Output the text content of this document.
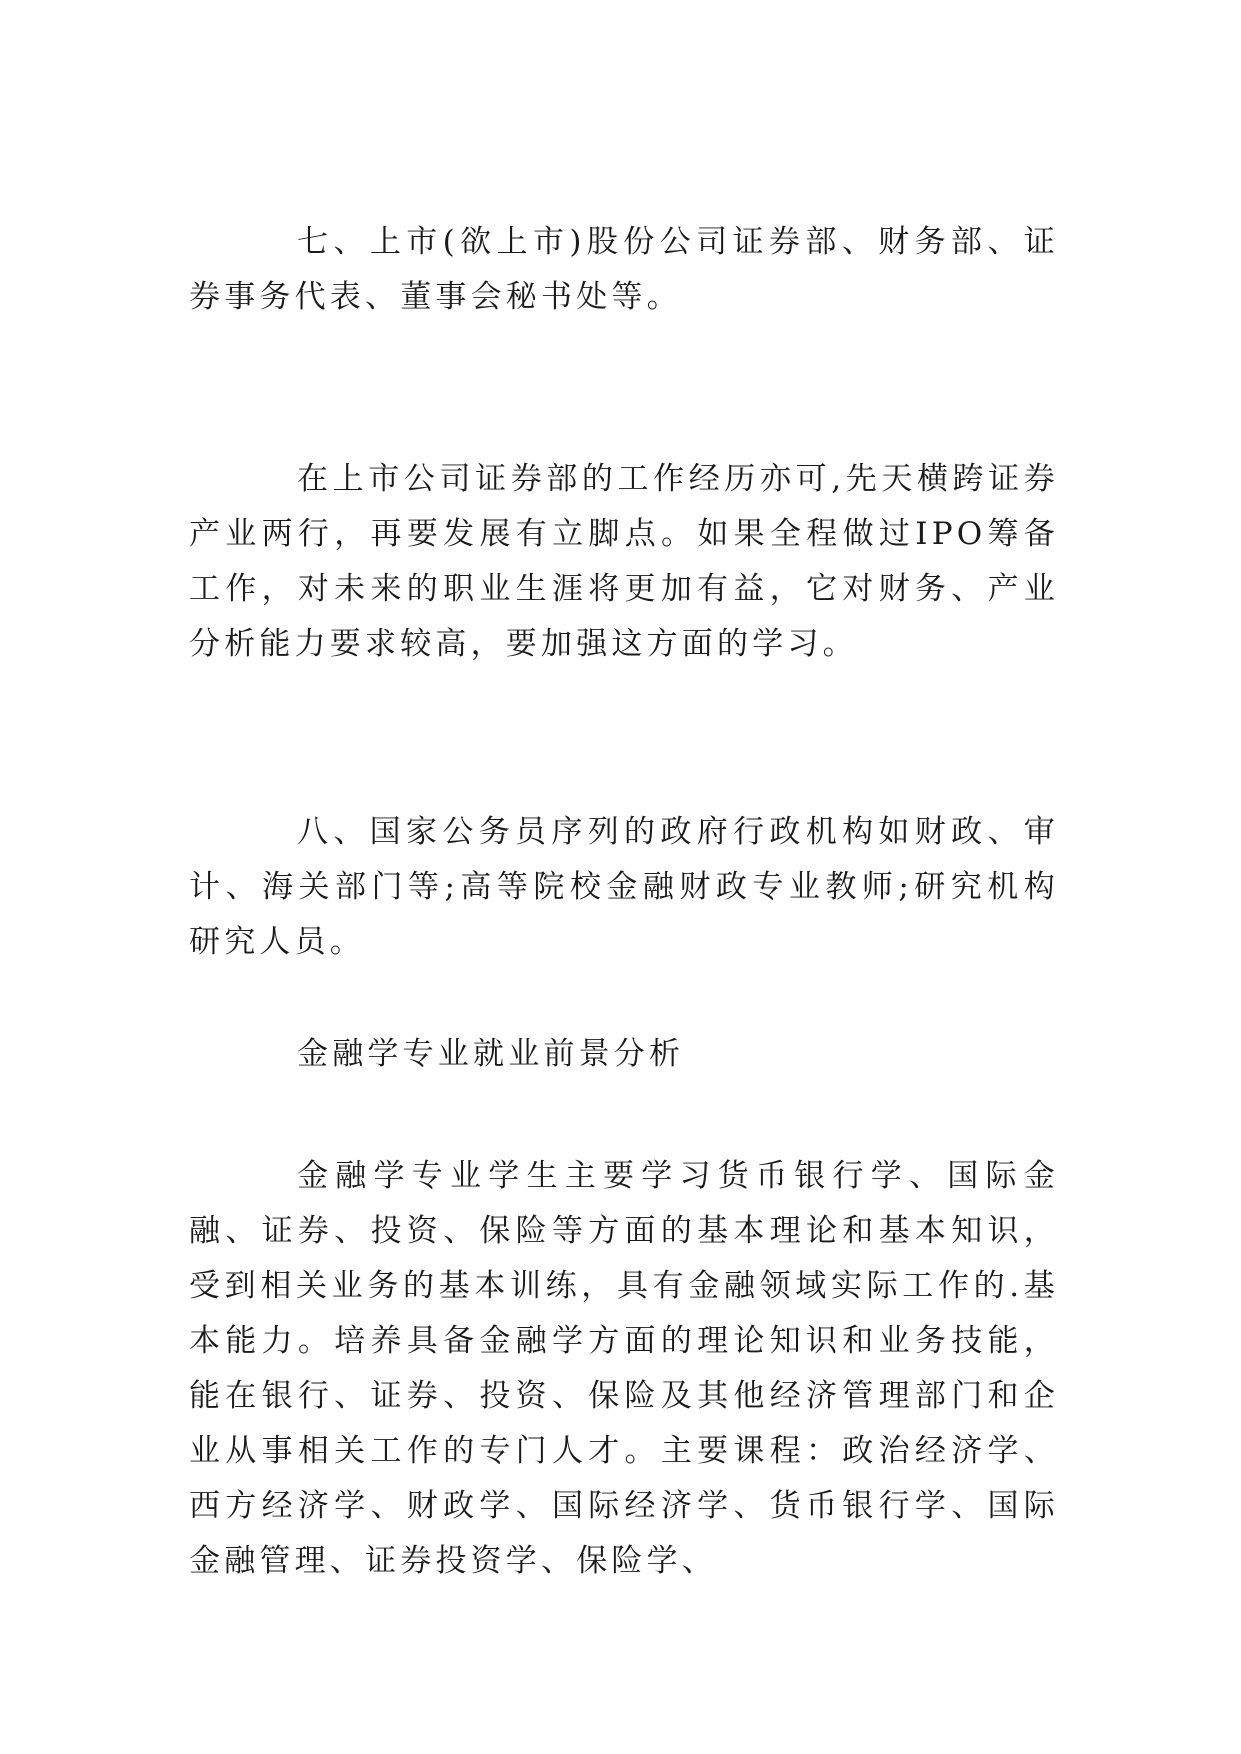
七、上市(欲上市)股份公司证券部、财务部、证券事务代表、董事会秘书处等。

在上市公司证券部的工作经历亦可,先天横跨证券产业两行，再要发展有立脚点。如果全程做过IPO筹备工作，对未来的职业生涯将更加有益，它对财务、产业分析能力要求较高，要加强这方面的学习。

八、国家公务员序列的政府行政机构如财政、审计、海关部门等;高等院校金融财政专业教师;研究机构研究人员。

金融学专业就业前景分析

金融学专业学生主要学习货币银行学、国际金融、证券、投资、保险等方面的基本理论和基本知识，受到相关业务的基本训练，具有金融领域实际工作的.基本能力。培养具备金融学方面的理论知识和业务技能，能在银行、证券、投资、保险及其他经济管理部门和企业从事相关工作的专门人才。主要课程：政治经济学、西方经济学、财政学、国际经济学、货币银行学、国际金融管理、证券投资学、保险学、
